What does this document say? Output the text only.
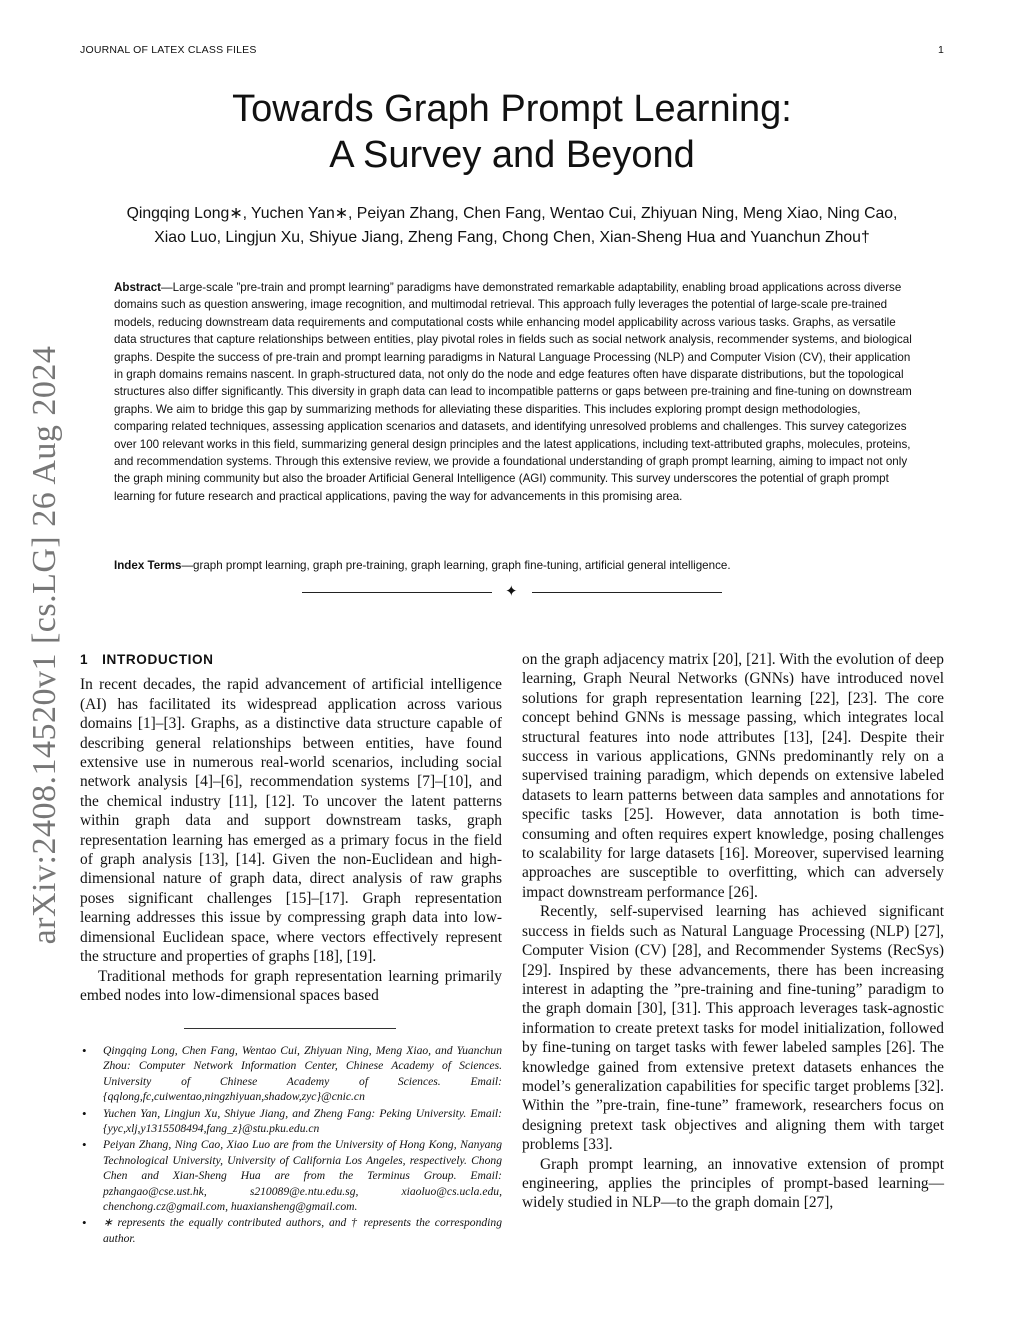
JOURNAL OF LATEX CLASS FILES	1
arXiv:2408.14520v1 [cs.LG] 26 Aug 2024
Towards Graph Prompt Learning:
A Survey and Beyond
Qingqing Long∗, Yuchen Yan∗, Peiyan Zhang, Chen Fang, Wentao Cui, Zhiyuan Ning, Meng Xiao, Ning Cao,
Xiao Luo, Lingjun Xu, Shiyue Jiang, Zheng Fang, Chong Chen, Xian-Sheng Hua and Yuanchun Zhou†
Abstract—Large-scale ”pre-train and prompt learning” paradigms have demonstrated remarkable adaptability, enabling broad applications across diverse domains such as question answering, image recognition, and multimodal retrieval. This approach fully leverages the potential of large-scale pre-trained models, reducing downstream data requirements and computational costs while enhancing model applicability across various tasks. Graphs, as versatile data structures that capture relationships between entities, play pivotal roles in fields such as social network analysis, recommender systems, and biological graphs. Despite the success of pre-train and prompt learning paradigms in Natural Language Processing (NLP) and Computer Vision (CV), their application in graph domains remains nascent. In graph-structured data, not only do the node and edge features often have disparate distributions, but the topological structures also differ significantly. This diversity in graph data can lead to incompatible patterns or gaps between pre-training and fine-tuning on downstream graphs. We aim to bridge this gap by summarizing methods for alleviating these disparities. This includes exploring prompt design methodologies, comparing related techniques, assessing application scenarios and datasets, and identifying unresolved problems and challenges. This survey categorizes over 100 relevant works in this field, summarizing general design principles and the latest applications, including text-attributed graphs, molecules, proteins, and recommendation systems. Through this extensive review, we provide a foundational understanding of graph prompt learning, aiming to impact not only the graph mining community but also the broader Artificial General Intelligence (AGI) community. This survey underscores the potential of graph prompt learning for future research and practical applications, paving the way for advancements in this promising area.
Index Terms—graph prompt learning, graph pre-training, graph learning, graph fine-tuning, artificial general intelligence.
✦
1 INTRODUCTION

In recent decades, the rapid advancement of artificial intelligence (AI) has facilitated its widespread application across various domains [1]–[3]. Graphs, as a distinctive data structure capable of describing general relationships between entities, have found extensive use in numerous real-world scenarios, including social network analysis [4]–[6], recommendation systems [7]–[10], and the chemical industry [11], [12]. To uncover the latent patterns within graph data and support downstream tasks, graph representation learning has emerged as a primary focus in the field of graph analysis [13], [14]. Given the non-Euclidean and high-dimensional nature of graph data, direct analysis of raw graphs poses significant challenges [15]–[17]. Graph representation learning addresses this issue by compressing graph data into low-dimensional Euclidean space, where vectors effectively represent the structure and properties of graphs [18], [19].

Traditional methods for graph representation learning primarily embed nodes into low-dimensional spaces based

• Qingqing Long, Chen Fang, Wentao Cui, Zhiyuan Ning, Meng Xiao, and Yuanchun Zhou: Computer Network Information Center, Chinese Academy of Sciences. University of Chinese Academy of Sciences. Email: {qqlong,fc,cuiwentao,ningzhiyuan,shadow,zyc}@cnic.cn
• Yuchen Yan, Lingjun Xu, Shiyue Jiang, and Zheng Fang: Peking University. Email: {yyc,xlj,y1315508494,fang_z}@stu.pku.edu.cn
• Peiyan Zhang, Ning Cao, Xiao Luo are from the University of Hong Kong, Nanyang Technological University, University of California Los Angeles, respectively. Chong Chen and Xian-Sheng Hua are from the Terminus Group. Email: pzhangao@cse.ust.hk, s210089@e.ntu.edu.sg, xiaoluo@cs.ucla.edu, chenchong.cz@gmail.com, huaxiansheng@gmail.com.
• ∗ represents the equally contributed authors, and † represents the corresponding author.

on the graph adjacency matrix [20], [21]. With the evolution of deep learning, Graph Neural Networks (GNNs) have introduced novel solutions for graph representation learning [22], [23]. The core concept behind GNNs is message passing, which integrates local structural features into node attributes [13], [24]. Despite their success in various applications, GNNs predominantly rely on a supervised training paradigm, which depends on extensive labeled datasets to learn patterns between data samples and annotations for specific tasks [25]. However, data annotation is both time-consuming and often requires expert knowledge, posing challenges to scalability for large datasets [16]. Moreover, supervised learning approaches are susceptible to overfitting, which can adversely impact downstream performance [26].

Recently, self-supervised learning has achieved significant success in fields such as Natural Language Processing (NLP) [27], Computer Vision (CV) [28], and Recommender Systems (RecSys) [29]. Inspired by these advancements, there has been increasing interest in adapting the ”pre-training and fine-tuning” paradigm to the graph domain [30], [31]. This approach leverages task-agnostic information to create pretext tasks for model initialization, followed by fine-tuning on target tasks with fewer labeled samples [26]. The knowledge gained from extensive pretext datasets enhances the model’s generalization capabilities for specific target problems [32]. Within the ”pre-train, fine-tune” framework, researchers focus on designing pretext task objectives and aligning them with target problems [33].

Graph prompt learning, an innovative extension of prompt engineering, applies the principles of prompt-based learning—widely studied in NLP—to the graph domain [27],
